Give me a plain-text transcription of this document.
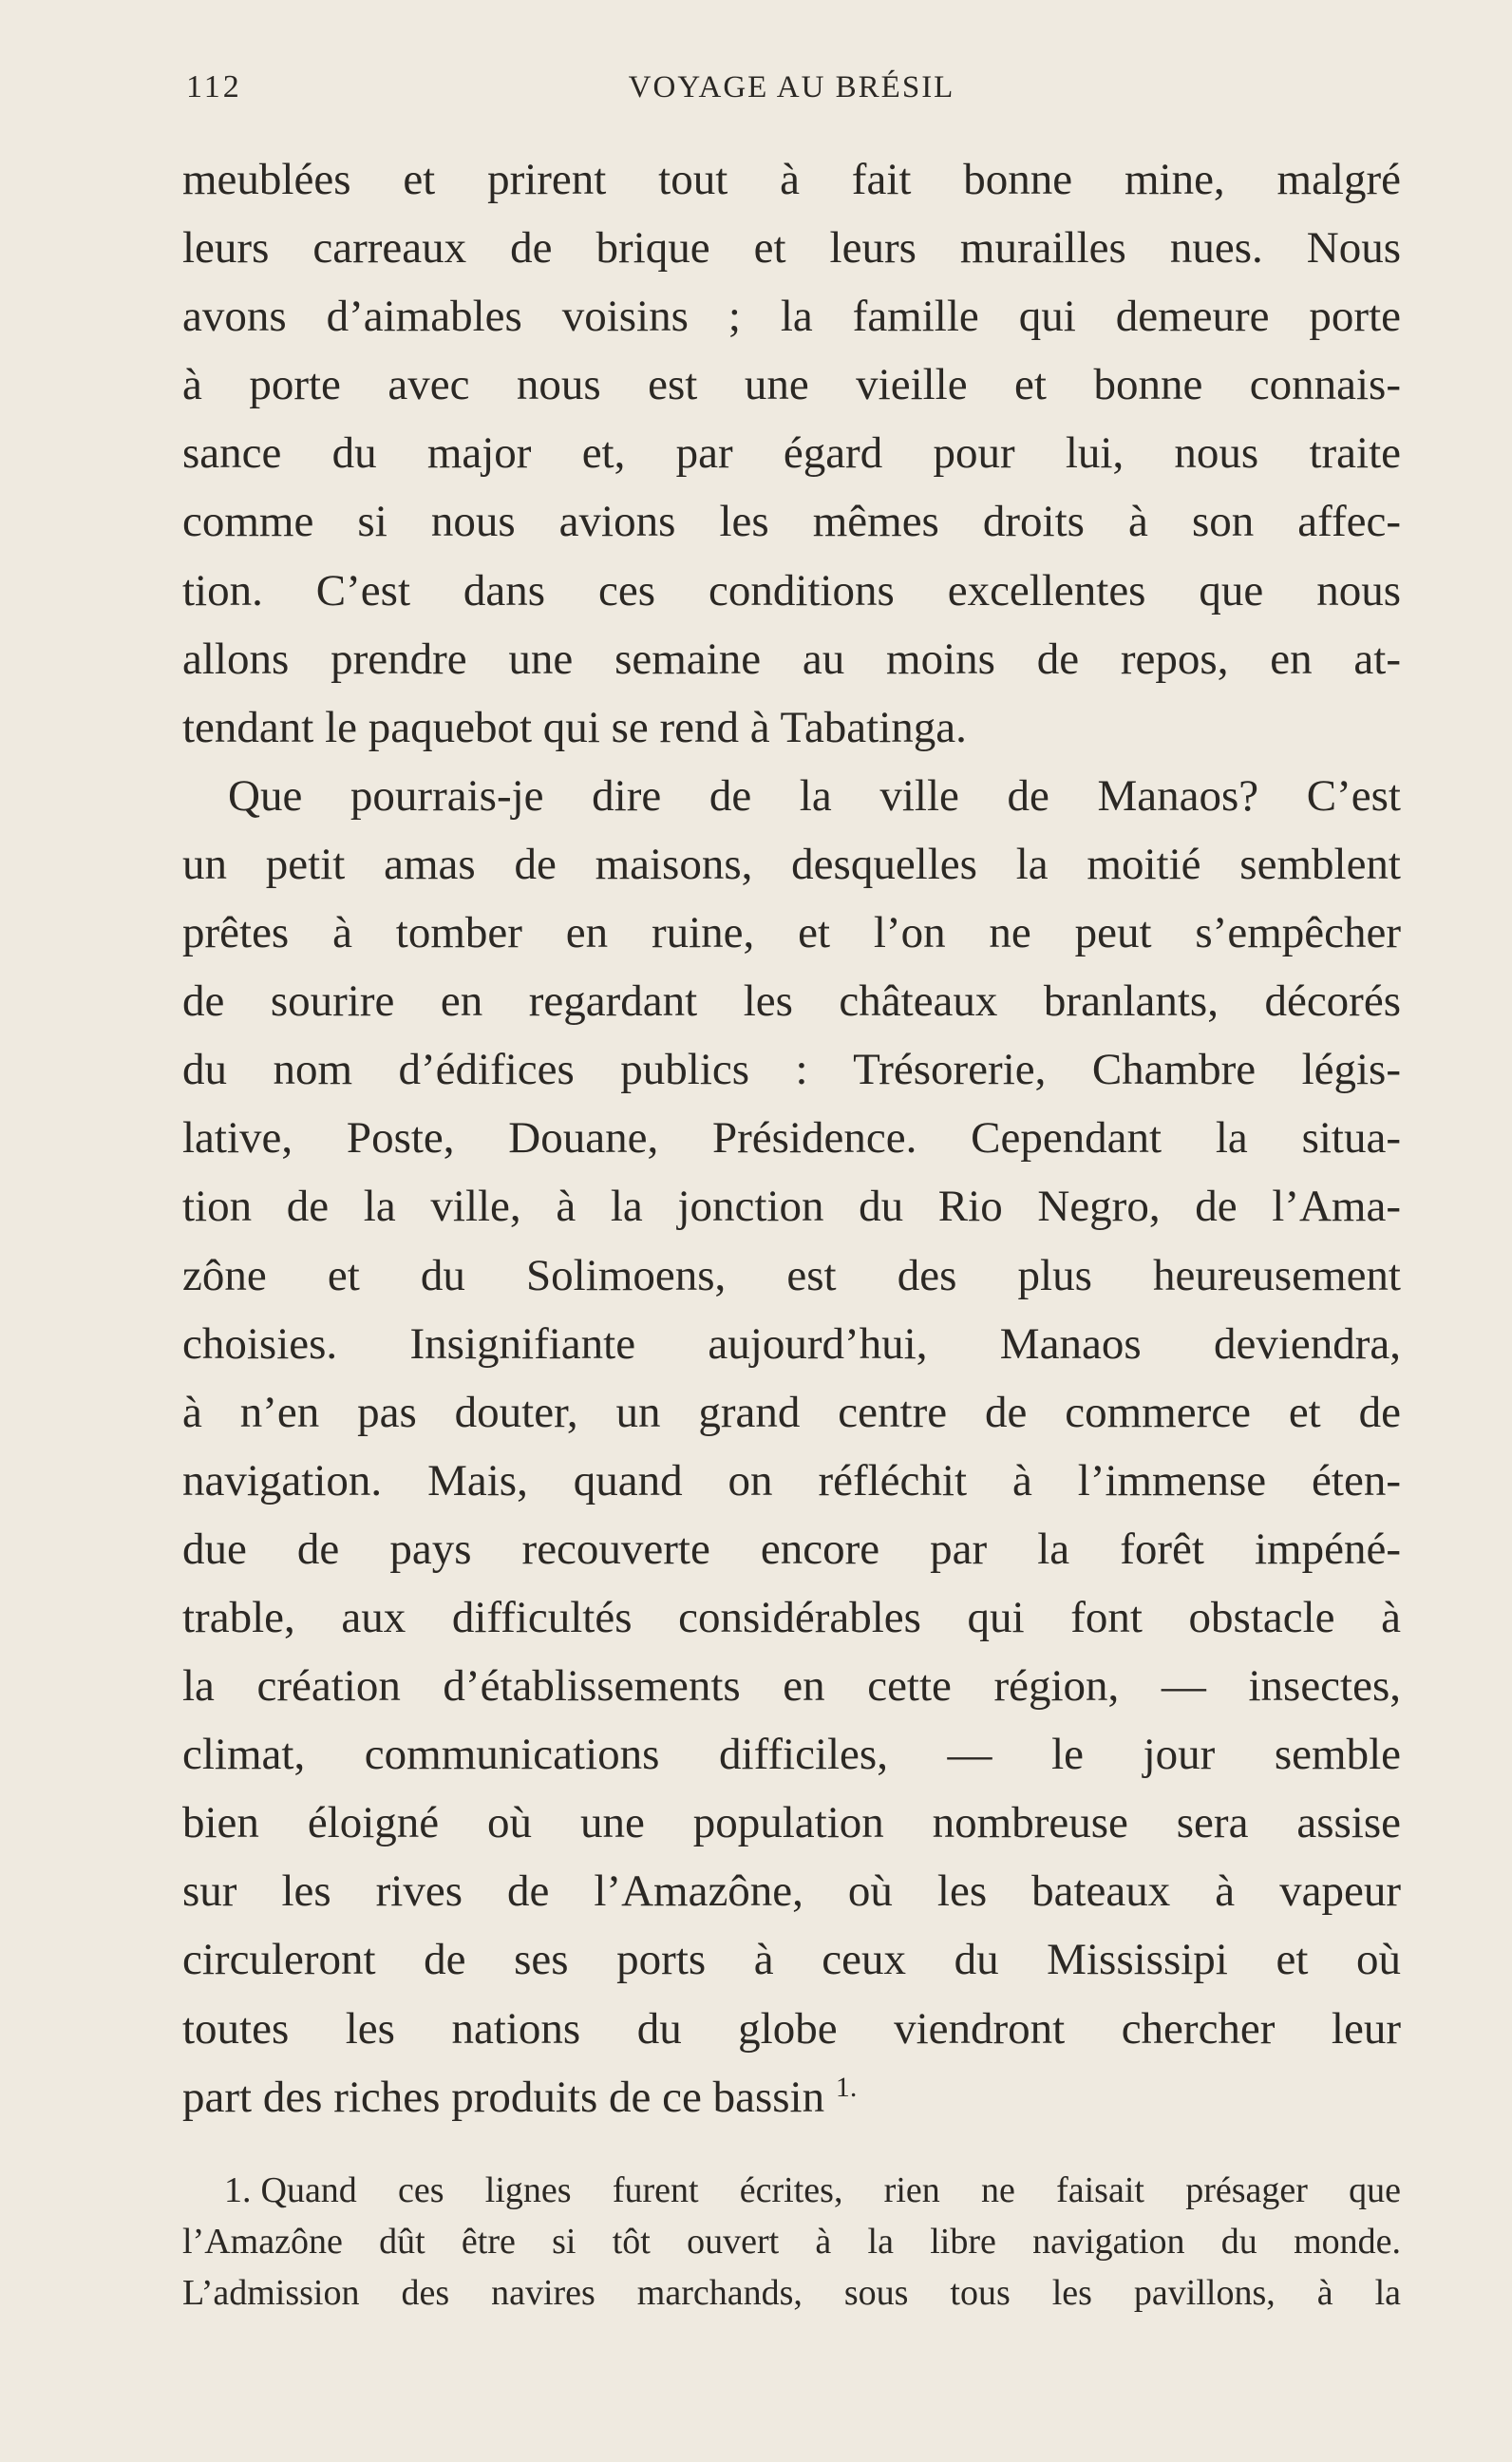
112	VOYAGE AU BRÉSIL
meublées et prirent tout à fait bonne mine, malgré
leurs carreaux de brique et leurs murailles nues. Nous
avons d’aimables voisins ; la famille qui demeure porte
à porte avec nous est une vieille et bonne connais-
sance du major et, par égard pour lui, nous traite
comme si nous avions les mêmes droits à son affec-
tion. C’est dans ces conditions excellentes que nous
allons prendre une semaine au moins de repos, en at-
tendant le paquebot qui se rend à Tabatinga.
Que pourrais-je dire de la ville de Manaos? C’est
un petit amas de maisons, desquelles la moitié semblent
prêtes à tomber en ruine, et l’on ne peut s’empêcher
de sourire en regardant les châteaux branlants, décorés
du nom d’édifices publics : Trésorerie, Chambre légis-
lative, Poste, Douane, Présidence. Cependant la situa-
tion de la ville, à la jonction du Rio Negro, de l’Ama-
zône et du Solimoens, est des plus heureusement
choisies. Insignifiante aujourd’hui, Manaos deviendra,
à n’en pas douter, un grand centre de commerce et de
navigation. Mais, quand on réfléchit à l’immense éten-
due de pays recouverte encore par la forêt impéné-
trable, aux difficultés considérables qui font obstacle à
la création d’établissements en cette région, — insectes,
climat, communications difficiles, — le jour semble
bien éloigné où une population nombreuse sera assise
sur les rives de l’Amazône, où les bateaux à vapeur
circuleront de ses ports à ceux du Mississipi et où
toutes les nations du globe viendront chercher leur
part des riches produits de ce bassin $^{1.}$
1. Quand ces lignes furent écrites, rien ne faisait présager que
l’Amazône dût être si tôt ouvert à la libre navigation du monde.
L’admission des navires marchands, sous tous les pavillons, à la
